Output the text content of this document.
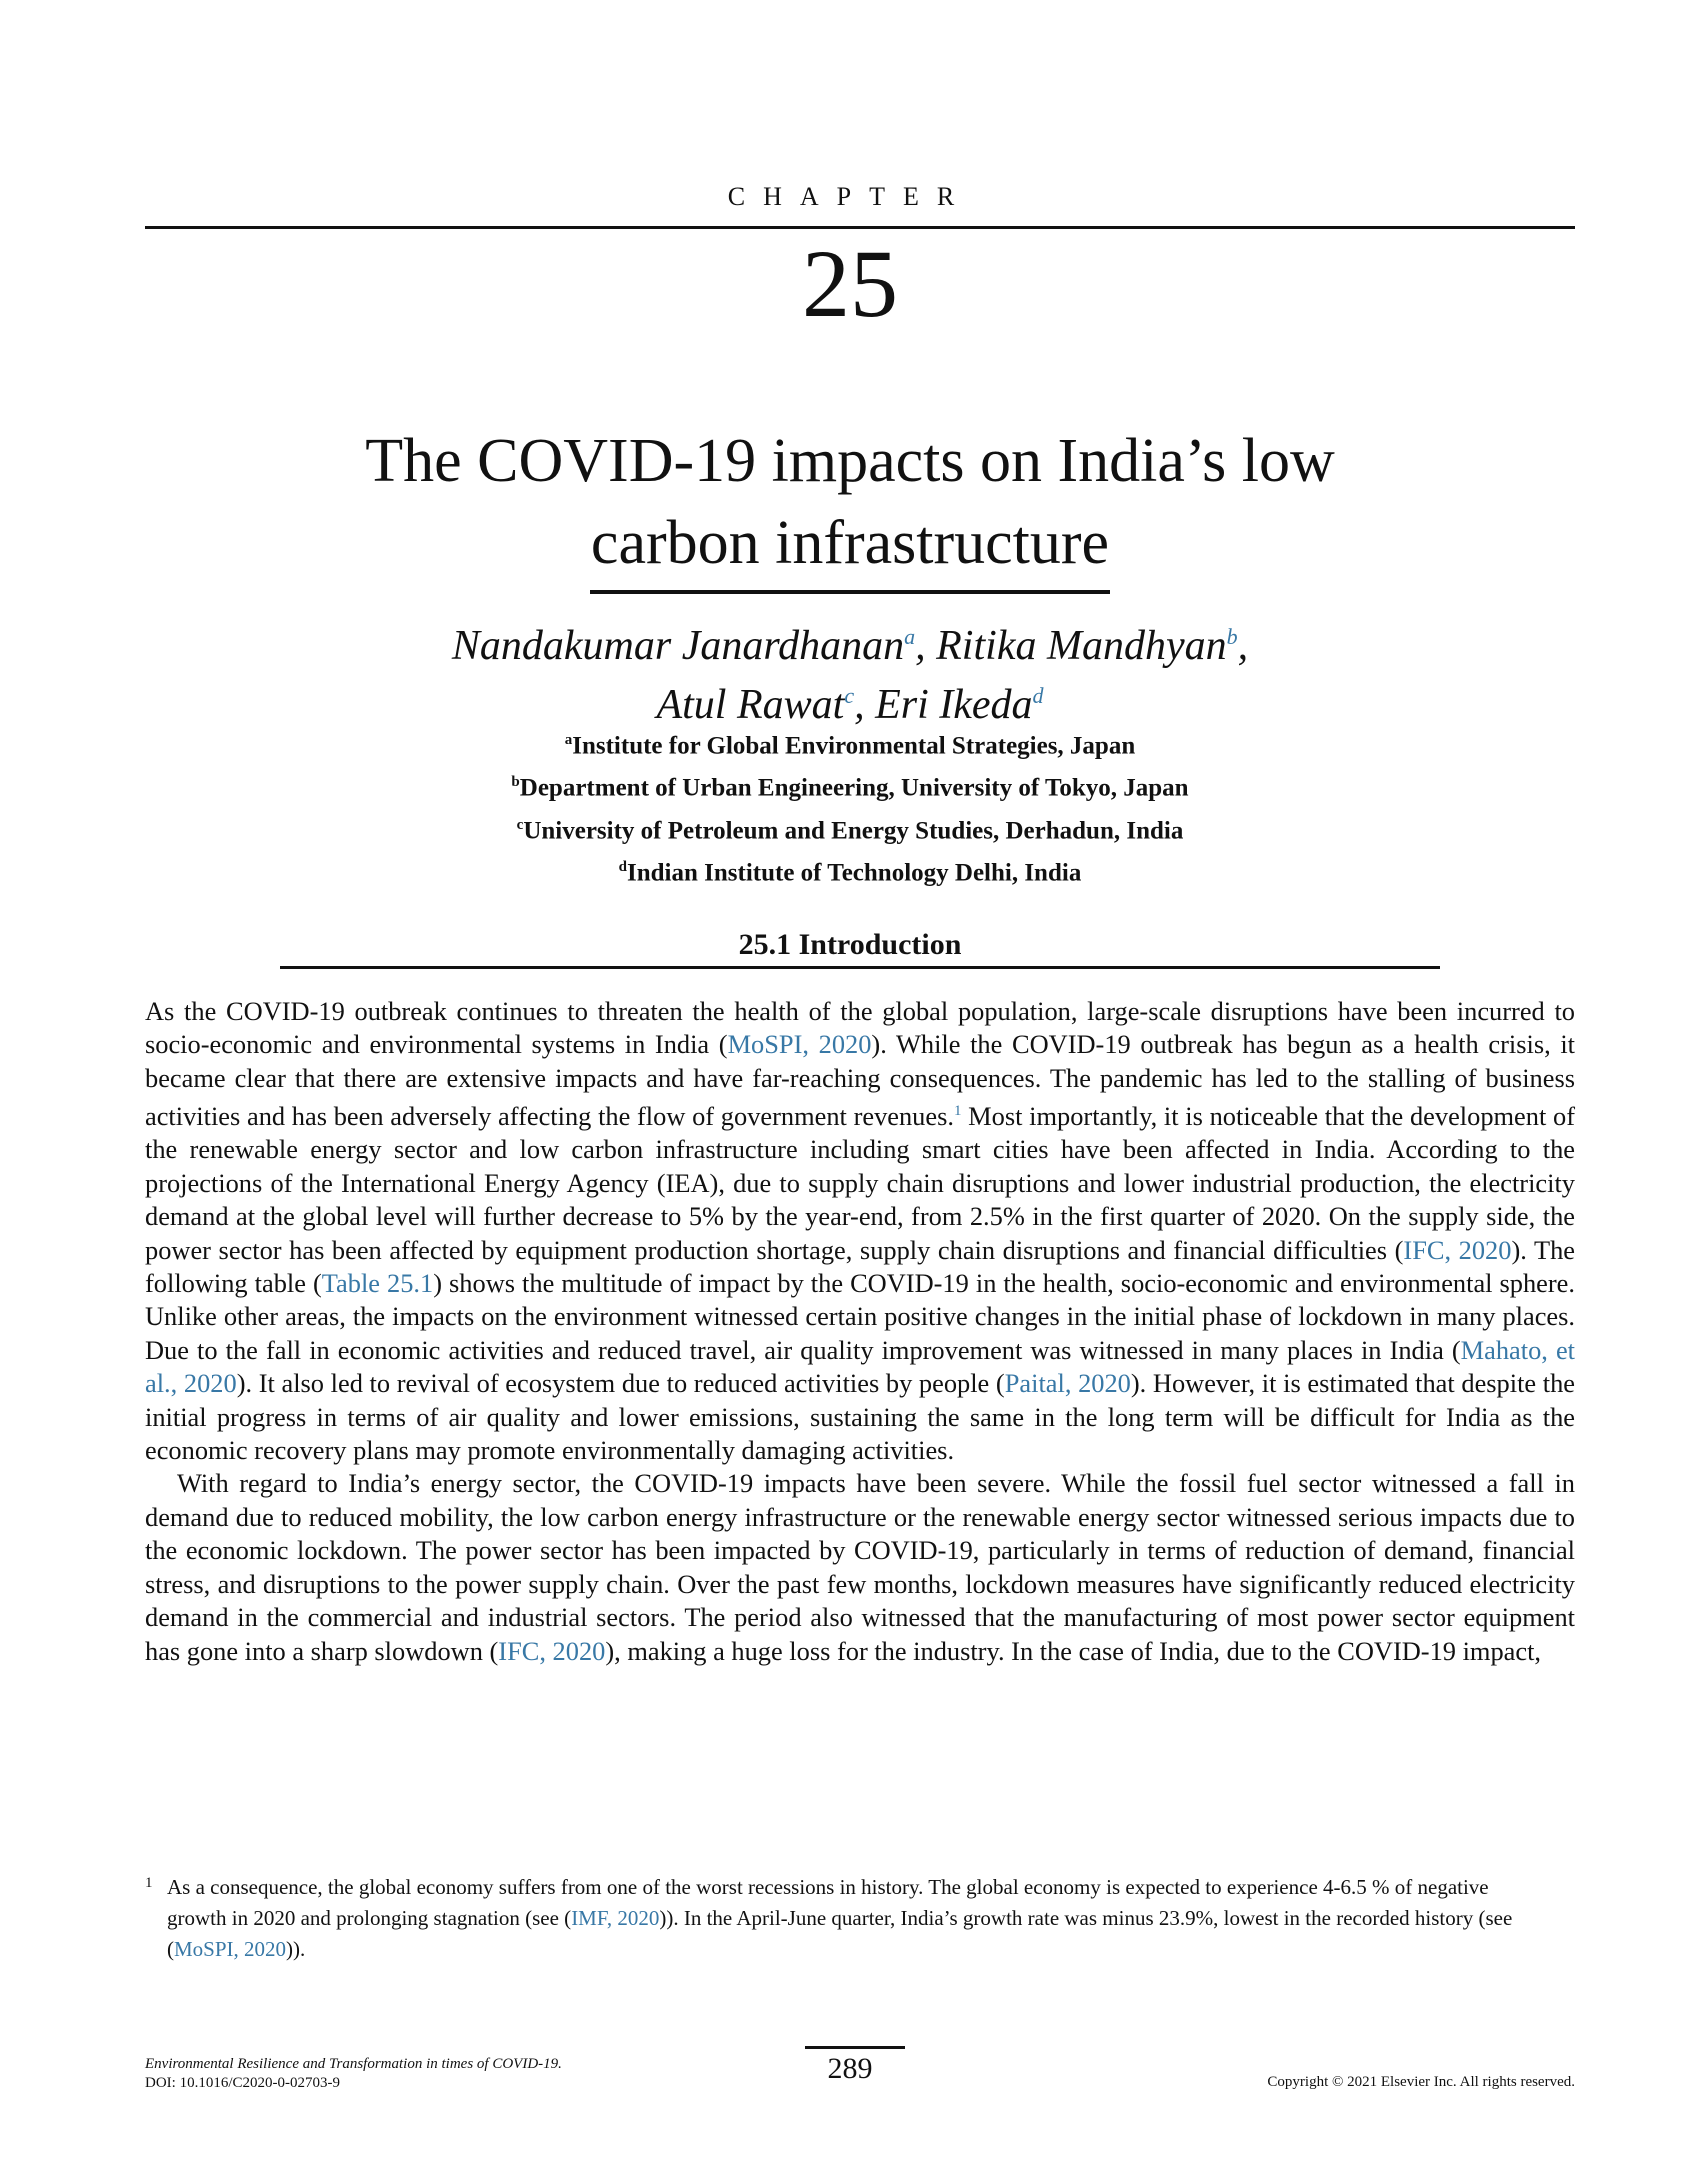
CHAPTER
25
The COVID-19 impacts on India’s low
carbon infrastructure
Nandakumar Janardhanan$^a$, Ritika Mandhyan$^b$,
Atul Rawat$^c$, Eri Ikeda$^d$
$^a$Institute for Global Environmental Strategies, Japan
$^b$Department of Urban Engineering, University of Tokyo, Japan
$^c$University of Petroleum and Energy Studies, Derhadun, India
$^d$Indian Institute of Technology Delhi, India
25.1 Introduction

As the COVID-19 outbreak continues to threaten the health of the global population, large-scale disruptions have been incurred to socio-economic and environmental systems in India (MoSPI, 2020). While the COVID-19 outbreak has begun as a health crisis, it became clear that there are extensive impacts and have far-reaching consequences. The pandemic has led to the stalling of business activities and has been adversely affecting the flow of government revenues.$^1$ Most importantly, it is noticeable that the development of the renewable energy sector and low carbon infrastructure including smart cities have been affected in India. According to the projections of the International Energy Agency (IEA), due to supply chain disruptions and lower industrial production, the electricity demand at the global level will further decrease to 5% by the year-end, from 2.5% in the first quarter of 2020. On the supply side, the power sector has been affected by equipment production shortage, supply chain disruptions and financial difficulties (IFC, 2020). The following table (Table 25.1) shows the multitude of impact by the COVID-19 in the health, socio-economic and environmental sphere. Unlike other areas, the impacts on the environment witnessed certain positive changes in the initial phase of lockdown in many places. Due to the fall in economic activities and reduced travel, air quality improvement was witnessed in many places in India (Mahato, et al., 2020). It also led to revival of ecosystem due to reduced activities by people (Paital, 2020). However, it is estimated that despite the initial progress in terms of air quality and lower emissions, sustaining the same in the long term will be difficult for India as the economic recovery plans may promote environmentally damaging activities.

With regard to India’s energy sector, the COVID-19 impacts have been severe. While the fossil fuel sector witnessed a fall in demand due to reduced mobility, the low carbon energy infrastructure or the renewable energy sector witnessed serious impacts due to the economic lockdown. The power sector has been impacted by COVID-19, particularly in terms of reduction of demand, financial stress, and disruptions to the power supply chain. Over the past few months, lockdown measures have significantly reduced electricity demand in the commercial and industrial sectors. The period also witnessed that the manufacturing of most power sector equipment has gone into a sharp slowdown (IFC, 2020), making a huge loss for the industry. In the case of India, due to the COVID-19 impact,

1 As a consequence, the global economy suffers from one of the worst recessions in history. The global economy is expected to experience 4-6.5 % of negative growth in 2020 and prolonging stagnation (see (IMF, 2020)). In the April-June quarter, India’s growth rate was minus 23.9%, lowest in the recorded history (see (MoSPI, 2020)).
Environmental Resilience and Transformation in times of COVID-19.
DOI: 10.1016/C2020-0-02703-9	289	Copyright © 2021 Elsevier Inc. All rights reserved.
